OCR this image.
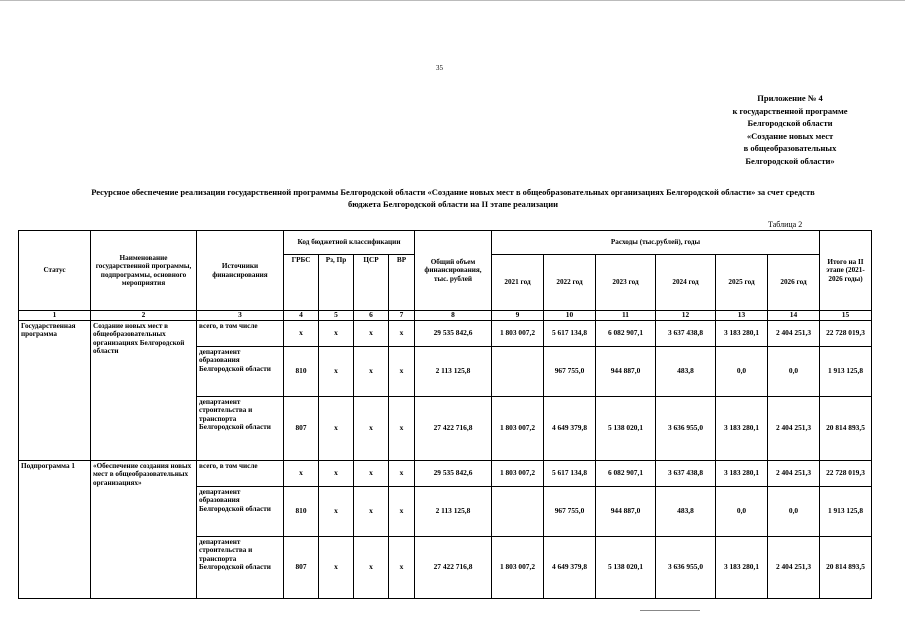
35
Приложение № 4
к государственной программе
Белгородской области
«Создание новых мест
в общеобразовательных
Белгородской области»
Ресурсное обеспечение реализации государственной программы Белгородской области «Создание новых мест в общеобразовательных организациях Белгородской области» за счет средств
бюджета Белгородской области на II этапе реализации
Таблица 2
Статус	Наименование государственной программы, подпрограммы, основного мероприятия	Источники финансирования	Код бюджетной классификации				Общий объем финансирования, тыс. рублей	Расходы (тыс.рублей), годы						Итого на II этапе (2021-2026 годы)
			ГРБС	Рз, Пр	ЦСР	ВР		2021 год	2022 год	2023 год	2024 год	2025 год	2026 год	
1	2	3	4	5	6	7	8	9	10	11	12	13	14	15
Государственная программа	Создание новых мест в общеобразовательных организациях Белгородской области	всего, в том числе	х	х	х	х	29 535 842,6	1 803 007,2	5 617 134,8	6 082 907,1	3 637 438,8	3 183 280,1	2 404 251,3	22 728 019,3
		департамент образования Белгородской области	810	х	х	х	2 113 125,8		967 755,0	944 887,0	483,8	0,0	0,0	1 913 125,8
		департамент строительства и транспорта Белгородской области	807	х	х	х	27 422 716,8	1 803 007,2	4 649 379,8	5 138 020,1	3 636 955,0	3 183 280,1	2 404 251,3	20 814 893,5
Подпрограмма 1	«Обеспечение создания новых мест в общеобразовательных организациях»	всего, в том числе	х	х	х	х	29 535 842,6	1 803 007,2	5 617 134,8	6 082 907,1	3 637 438,8	3 183 280,1	2 404 251,3	22 728 019,3
		департамент образования Белгородской области	810	х	х	х	2 113 125,8		967 755,0	944 887,0	483,8	0,0	0,0	1 913 125,8
		департамент строительства и транспорта Белгородской области	807	х	х	х	27 422 716,8	1 803 007,2	4 649 379,8	5 138 020,1	3 636 955,0	3 183 280,1	2 404 251,3	20 814 893,5
